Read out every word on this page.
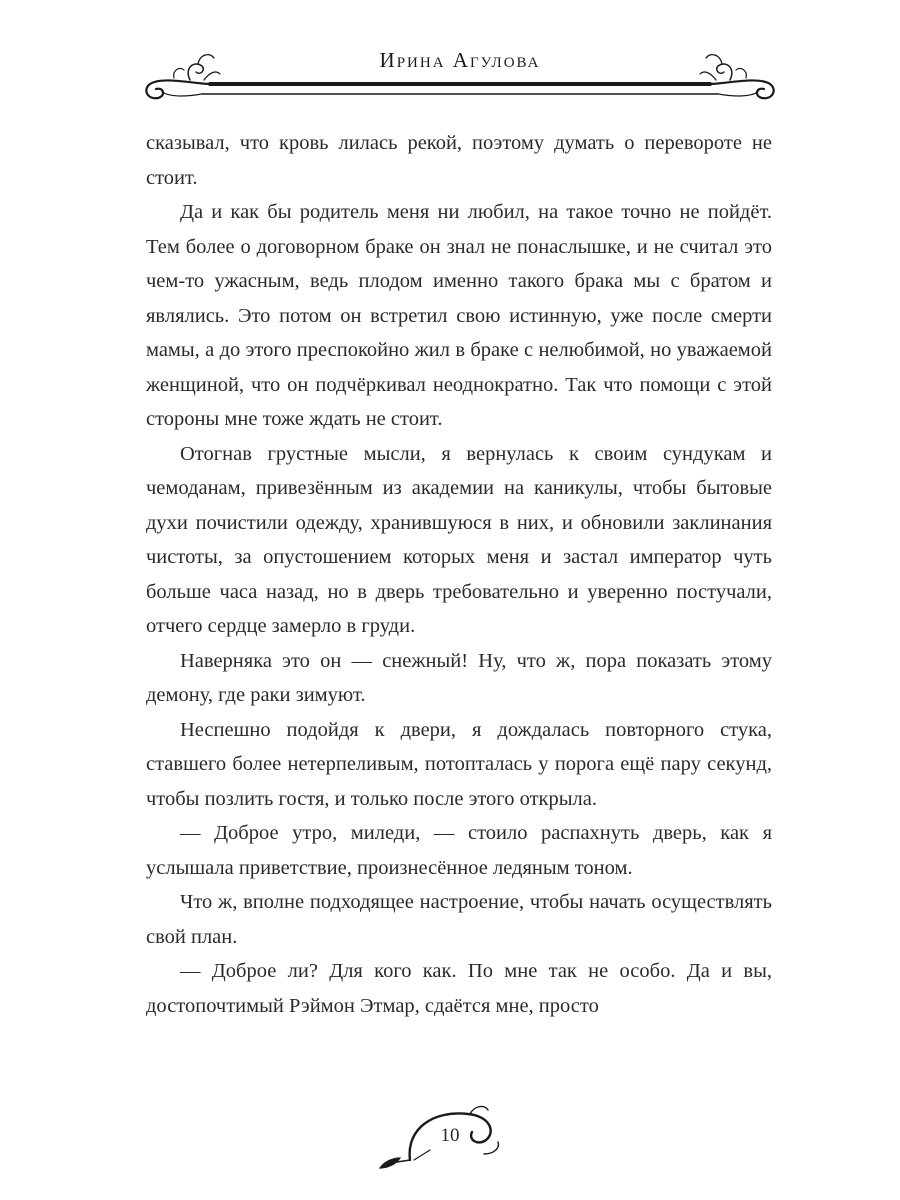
Ирина Агулова

сказывал, что кровь лилась рекой, поэтому думать о перевороте не стоит.

Да и как бы родитель меня ни любил, на такое точно не пойдёт. Тем более о договорном браке он знал не понаслышке, и не считал это чем-то ужасным, ведь плодом именно такого брака мы с братом и являлись. Это потом он встретил свою истинную, уже после смерти мамы, а до этого преспокойно жил в браке с нелюбимой, но уважаемой женщиной, что он подчёркивал неоднократно. Так что помощи с этой стороны мне тоже ждать не стоит.

Отогнав грустные мысли, я вернулась к своим сундукам и чемоданам, привезённым из академии на каникулы, чтобы бытовые духи почистили одежду, хранившуюся в них, и обновили заклинания чистоты, за опустошением которых меня и застал император чуть больше часа назад, но в дверь требовательно и уверенно постучали, отчего сердце замерло в груди.

Наверняка это он — снежный! Ну, что ж, пора показать этому демону, где раки зимуют.

Неспешно подойдя к двери, я дождалась повторного стука, ставшего более нетерпеливым, потопталась у порога ещё пару секунд, чтобы позлить гостя, и только после этого открыла.

— Доброе утро, миледи, — стоило распахнуть дверь, как я услышала приветствие, произнесённое ледяным тоном.

Что ж, вполне подходящее настроение, чтобы начать осуществлять свой план.

— Доброе ли? Для кого как. По мне так не особо. Да и вы, достопочтимый Рэймон Этмар, сдаётся мне, просто

10
